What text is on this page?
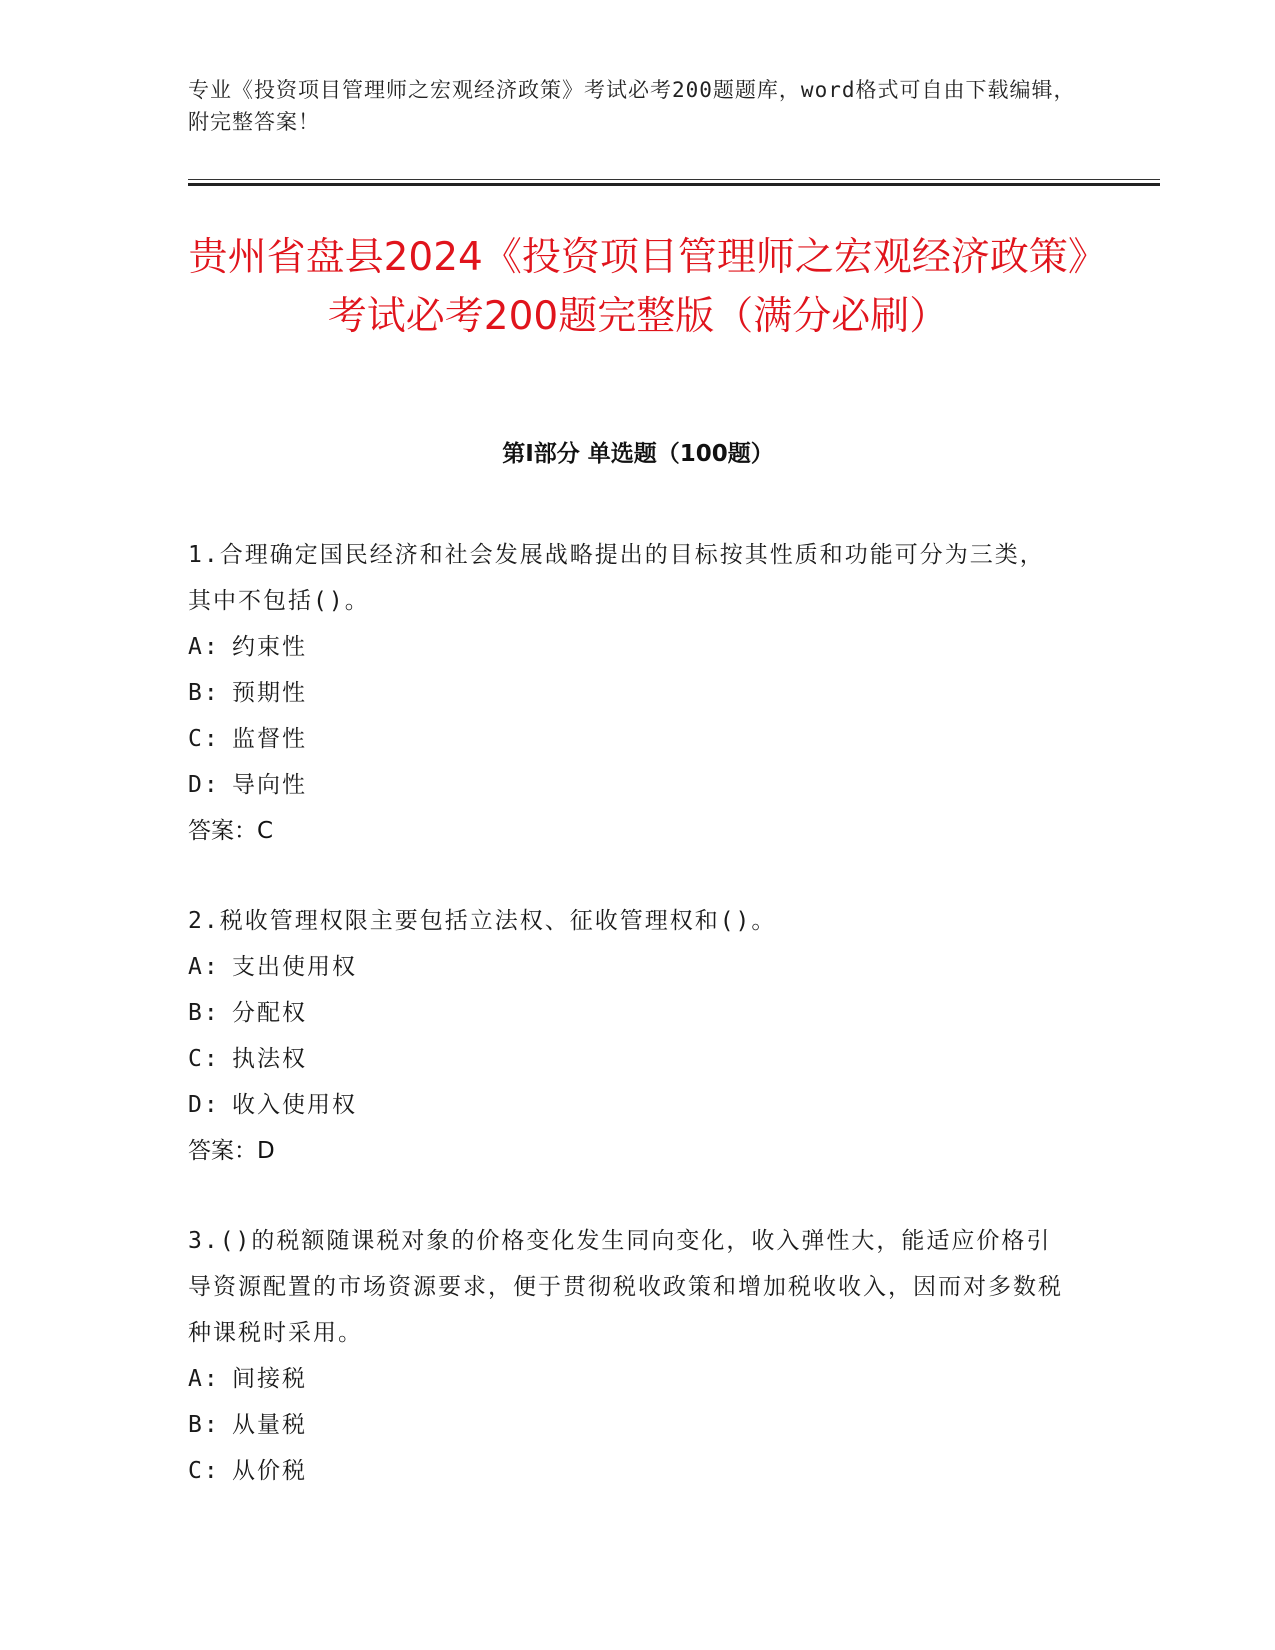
专业《投资项目管理师之宏观经济政策》考试必考200题题库，word格式可自由下载编辑，附完整答案！
贵州省盘县2024《投资项目管理师之宏观经济政策》考试必考200题完整版（满分必刷）
第Ⅰ部分 单选题（100题）
1.合理确定国民经济和社会发展战略提出的目标按其性质和功能可分为三类，其中不包括()。
A: 约束性
B: 预期性
C: 监督性
D: 导向性
答案：C
2.税收管理权限主要包括立法权、征收管理权和()。
A: 支出使用权
B: 分配权
C: 执法权
D: 收入使用权
答案：D
3.()的税额随课税对象的价格变化发生同向变化，收入弹性大，能适应价格引导资源配置的市场资源要求，便于贯彻税收政策和增加税收收入，因而对多数税种课税时采用。
A: 间接税
B: 从量税
C: 从价税
